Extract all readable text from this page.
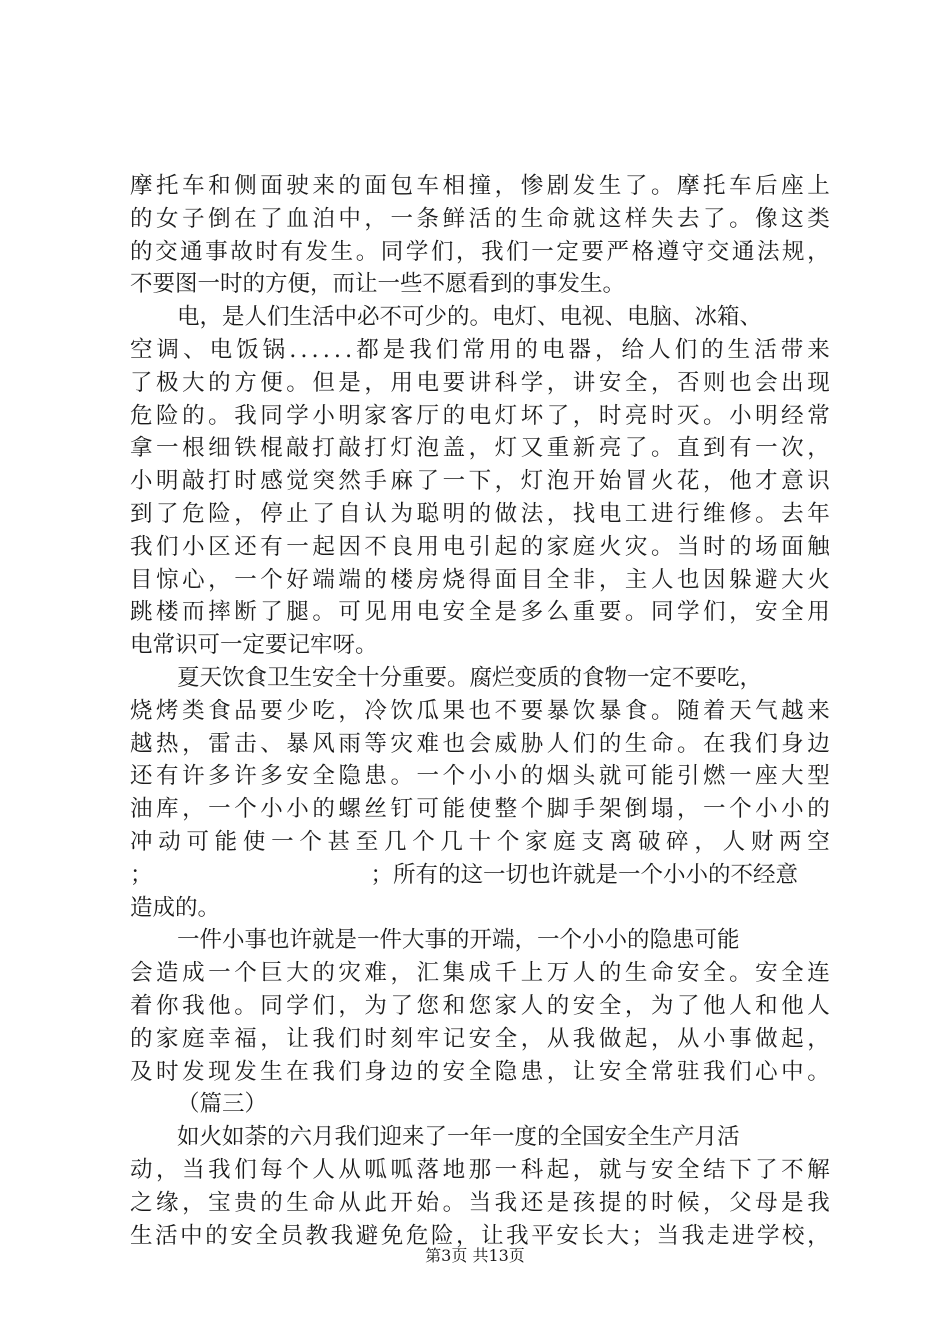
摩 托 车 和 侧 面 驶 来 的 面 包 车 相 撞 ， 惨 剧 发 生 了 。 摩 托 车 后 座 上
的 女 子 倒 在 了 血 泊 中 ， 一 条 鲜 活 的 生 命 就 这 样 失 去 了 。 像 这 类
的 交 通 事 故 时 有 发 生 。 同 学 们 ， 我 们 一 定 要 严 格 遵 守 交 通 法 规 ，
不要图一时的方便，而让一些不愿看到的事发生。
电，是人们生活中必不可少的。电灯、电视、电脑、冰箱、
空 调 、 电 饭 锅 . . . . . . 都 是 我 们 常 用 的 电 器 ， 给 人 们 的 生 活 带 来
了 极 大 的 方 便 。 但 是 ， 用 电 要 讲 科 学 ， 讲 安 全 ， 否 则 也 会 出 现
危 险 的 。 我 同 学 小 明 家 客 厅 的 电 灯 坏 了 ， 时 亮 时 灭 。 小 明 经 常
拿 一 根 细 铁 棍 敲 打 敲 打 灯 泡 盖 ， 灯 又 重 新 亮 了 。 直 到 有 一 次 ，
小 明 敲 打 时 感 觉 突 然 手 麻 了 一 下 ， 灯 泡 开 始 冒 火 花 ， 他 才 意 识
到 了 危 险 ， 停 止 了 自 认 为 聪 明 的 做 法 ， 找 电 工 进 行 维 修 。 去 年
我 们 小 区 还 有 一 起 因 不 良 用 电 引 起 的 家 庭 火 灾 。 当 时 的 场 面 触
目 惊 心 ， 一 个 好 端 端 的 楼 房 烧 得 面 目 全 非 ， 主 人 也 因 躲 避 大 火
跳 楼 而 摔 断 了 腿 。 可 见 用 电 安 全 是 多 么 重 要 。 同 学 们 ， 安 全 用
电常识可一定要记牢呀。
夏天饮食卫生安全十分重要。腐烂变质的食物一定不要吃，
烧 烤 类 食 品 要 少 吃 ， 冷 饮 瓜 果 也 不 要 暴 饮 暴 食 。 随 着 天 气 越 来
越 热 ， 雷 击 、 暴 风 雨 等 灾 难 也 会 威 胁 人 们 的 生 命 。 在 我 们 身 边
还 有 许 多 许 多 安 全 隐 患 。 一 个 小 小 的 烟 头 就 可 能 引 燃 一 座 大 型
油 库 ， 一 个 小 小 的 螺 丝 钉 可 能 使 整 个 脚 手 架 倒 塌 ， 一 个 小 小 的
冲 动 可 能 使 一 个 甚 至 几 个 几 十 个 家 庭 支 离 破 碎 ， 人 财 两 空
；	；所有的这一切也许就是一个小小的不经意
造成的。
一件小事也许就是一件大事的开端，一个小小的隐患可能
会 造 成 一 个 巨 大 的 灾 难 ， 汇 集 成 千 上 万 人 的 生 命 安 全 。 安 全 连
着 你 我 他 。 同 学 们 ， 为 了 您 和 您 家 人 的 安 全 ， 为 了 他 人 和 他 人
的 家 庭 幸 福 ， 让 我 们 时 刻 牢 记 安 全 ， 从 我 做 起 ， 从 小 事 做 起 ，
及 时 发 现 发 生 在 我 们 身 边 的 安 全 隐 患 ， 让 安 全 常 驻 我 们 心 中 。
（篇三）
如火如荼的六月我们迎来了一年一度的全国安全生产月活
动 ， 当 我 们 每 个 人 从 呱 呱 落 地 那 一 科 起 ， 就 与 安 全 结 下 了 不 解
之 缘 ， 宝 贵 的 生 命 从 此 开 始 。 当 我 还 是 孩 提 的 时 候 ， 父 母 是 我
生 活 中 的 安 全 员 教 我 避 免 危 险 ， 让 我 平 安 长 大 ； 当 我 走 进 学 校 ，
第3页 共13页
